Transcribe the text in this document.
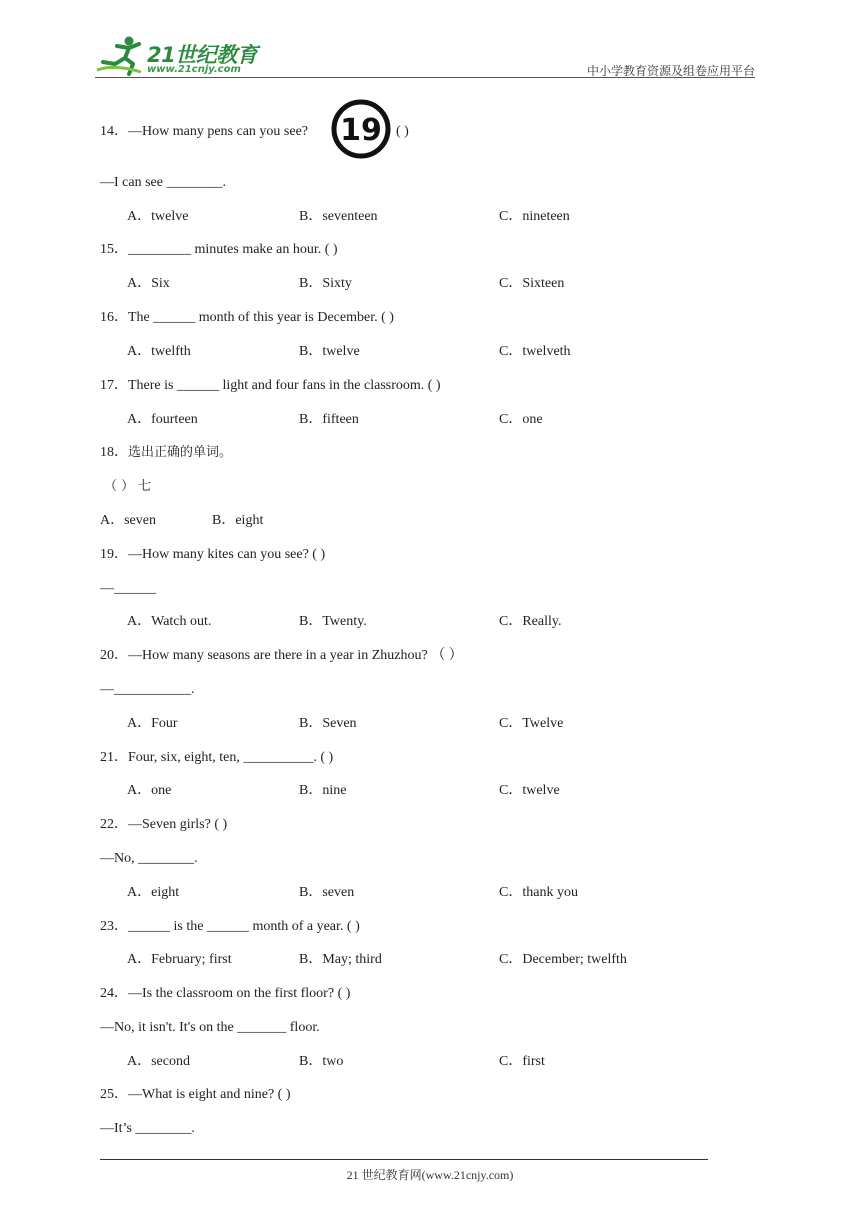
21世纪教育
www.21cnjy.com	中小学教育资源及组卷应用平台
14．—How many pens can you see? 19 ( )
—I can see ________.
A．twelve	B．seventeen	C．nineteen
15．_________ minutes make an hour. ( )
A．Six	B．Sixty	C．Sixteen
16．The ______ month of this year is December. ( )
A．twelfth	B．twelve	C．twelveth
17．There is ______ light and four fans in the classroom. ( )
A．fourteen	B．fifteen	C．one
18．选出正确的单词。
（ ） 七
A．seven	B．eight
19．—How many kites can you see? ( )
—______
A．Watch out.	B．Twenty.	C．Really.
20．—How many seasons are there in a year in Zhuzhou? （ ）
—___________.
A．Four	B．Seven	C．Twelve
21．Four, six, eight, ten, __________. ( )
A．one	B．nine	C．twelve
22．—Seven girls? ( )
—No, ________.
A．eight	B．seven	C．thank you
23．______ is the ______ month of a year. ( )
A．February; first	B．May; third	C．December; twelfth
24．—Is the classroom on the first floor? ( )
—No, it isn't. It's on the _______ floor.
A．second	B．two	C．first
25．—What is eight and nine? ( )
—It’s ________.
21 世纪教育网(www.21cnjy.com)
